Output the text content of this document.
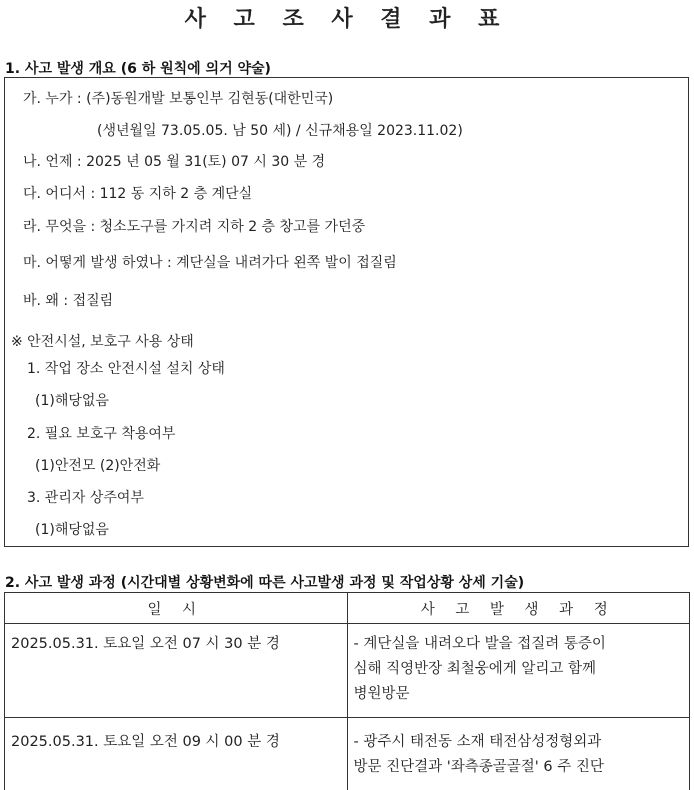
사 고 조 사 결 과 표
1. 사고 발생 개요 (6 하 원칙에 의거 약술)
가. 누가 : (주)동원개발 보통인부 김현동(대한민국)
(생년월일 73.05.05. 남 50 세) / 신규채용일 2023.11.02)
나. 언제 : 2025 년 05 월 31(토) 07 시 30 분 경
다. 어디서 : 112 동 지하 2 층 계단실
라. 무엇을 : 청소도구를 가지려 지하 2 층 창고를 가던중
마. 어떻게 발생 하였나 : 계단실을 내려가다 왼쪽 발이 접질림
바. 왜 : 접질림
※ 안전시설, 보호구 사용 상태
1. 작업 장소 안전시설 설치 상태
(1)해당없음
2. 필요 보호구 착용여부
(1)안전모 (2)안전화
3. 관리자 상주여부
(1)해당없음
2. 사고 발생 과정 (시간대별 상황변화에 따른 사고발생 과정 및 작업상황 상세 기술)
일 시	사 고 발 생 과 정
2025.05.31. 토요일 오전 07 시 30 분 경	- 계단실을 내려오다 발을 접질려 통증이
심해 직영반장 최철웅에게 알리고 함께
병원방문

2025.05.31. 토요일 오전 09 시 00 분 경	- 광주시 태전동 소재 태전삼성정형외과
방문 진단결과 '좌측종골골절' 6 주 진단
